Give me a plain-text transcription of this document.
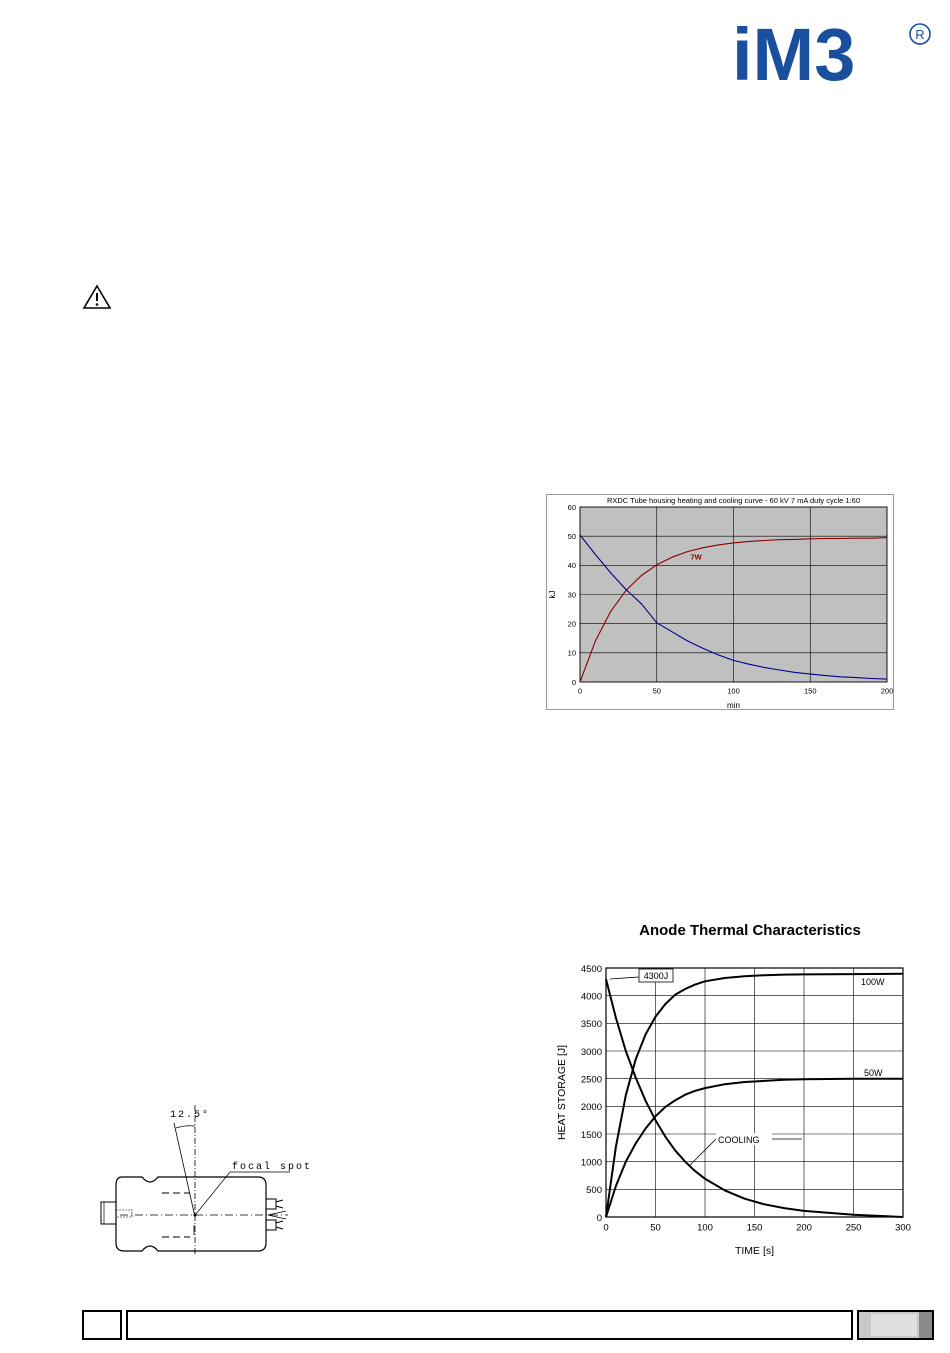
iM3	R
0	50	100	150	200
0
10
20
30
40
50
60
RXDC Tube housing heating and cooling curve - 60 kV 7 mA duty cycle 1:60
min
kJ
7W
Anode Thermal Characteristics
0	50	100	150	200	250	300
0
500
1000
1500
2000
2500
3000
3500
4000
4500
TIME [s]
HEAT STORAGE [J]
4300J
100W
50W
COOLING
12.5°
focal spot
